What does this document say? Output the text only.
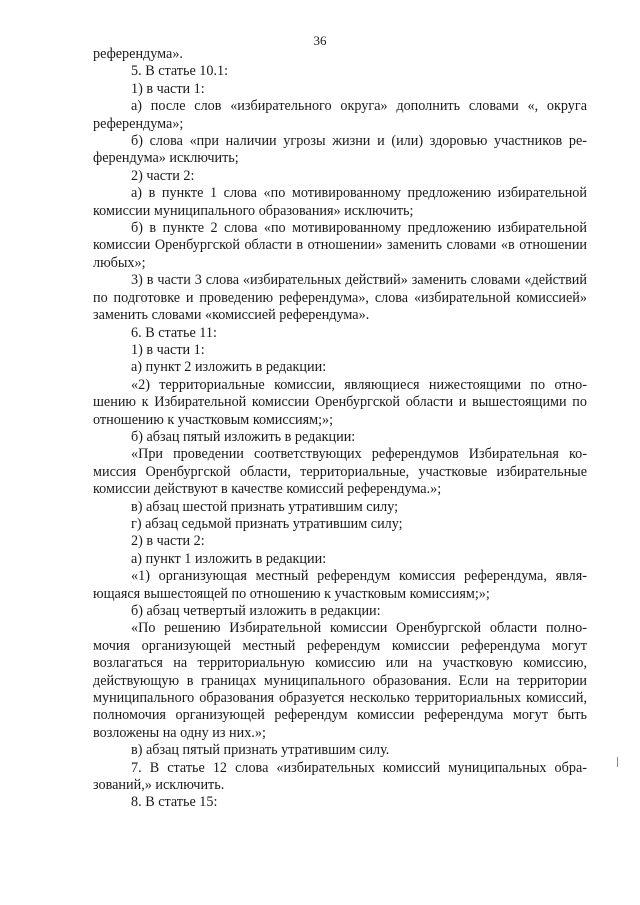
36

референдума».

5. В статье 10.1:

1) в части 1:

а) после слов «избирательного округа» дополнить словами «, округа референдума»;

б) слова «при наличии угрозы жизни и (или) здоровью участников референдума» исключить;

2) части 2:

а) в пункте 1 слова «по мотивированному предложению избирательной комиссии муниципального образования» исключить;

б) в пункте 2 слова «по мотивированному предложению избирательной комиссии Оренбургской области в отношении» заменить словами «в отношении любых»;

3) в части 3 слова «избирательных действий» заменить словами «действий по подготовке и проведению референдума», слова «избирательной комиссией» заменить словами «комиссией референдума».

6. В статье 11:

1) в части 1:

а) пункт 2 изложить в редакции:

«2) территориальные комиссии, являющиеся нижестоящими по отношению к Избирательной комиссии Оренбургской области и вышестоящими по отношению к участковым комиссиям;»;

б) абзац пятый изложить в редакции:

«При проведении соответствующих референдумов Избирательная комиссия Оренбургской области, территориальные, участковые избирательные комиссии действуют в качестве комиссий референдума.»;

в) абзац шестой признать утратившим силу;

г) абзац седьмой признать утратившим силу;

2) в части 2:

а) пункт 1 изложить в редакции:

«1) организующая местный референдум комиссия референдума, являющаяся вышестоящей по отношению к участковым комиссиям;»;

б) абзац четвертый изложить в редакции:

«По решению Избирательной комиссии Оренбургской области полномочия организующей местный референдум комиссии референдума могут возлагаться на территориальную комиссию или на участковую комиссию, действующую в границах муниципального образования. Если на территории муниципального образования образуется несколько территориальных комиссий, полномочия организующей референдум комиссии референдума могут быть возложены на одну из них.»;

в) абзац пятый признать утратившим силу.

7. В статье 12 слова «избирательных комиссий муниципальных образований,» исключить.

8. В статье 15:
